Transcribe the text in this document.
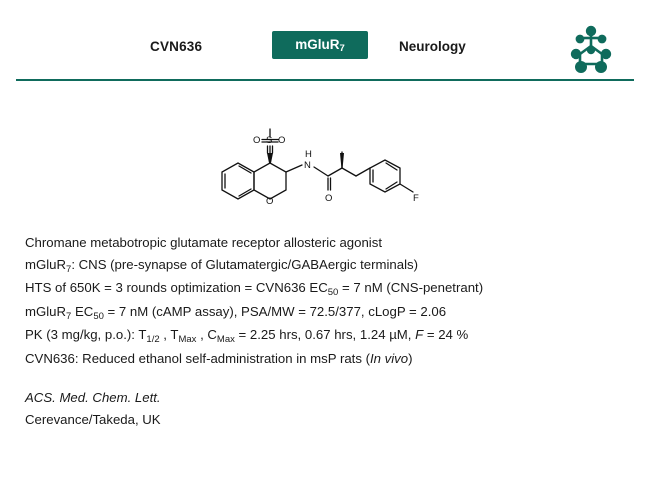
CVN636	mGluR$_7$	Neurology
O O
S
H
N
O
O	F
Chromane metabotropic glutamate receptor allosteric agonist
mGluR$_7$: CNS (pre-synapse of Glutamatergic/GABAergic terminals)
HTS of 650K = 3 rounds optimization = CVN636 $EC_{50} = 7$ nM (CNS-penetrant)
mGluR$_7$ $EC_{50} = 7$ nM (cAMP assay), PSA/MW = 72.5/377, cLogP = 2.06
PK (3 mg/kg, p.o.): $T_{1/2}$ , $T_{Max}$ , $C_{Max} = 2.25$ hrs, 0.67 hrs, 1.24 µM, F = 24 %
CVN636: Reduced ethanol self-administration in msP rats (In vivo)
ACS. Med. Chem. Lett.
Cerevance/Takeda, UK
